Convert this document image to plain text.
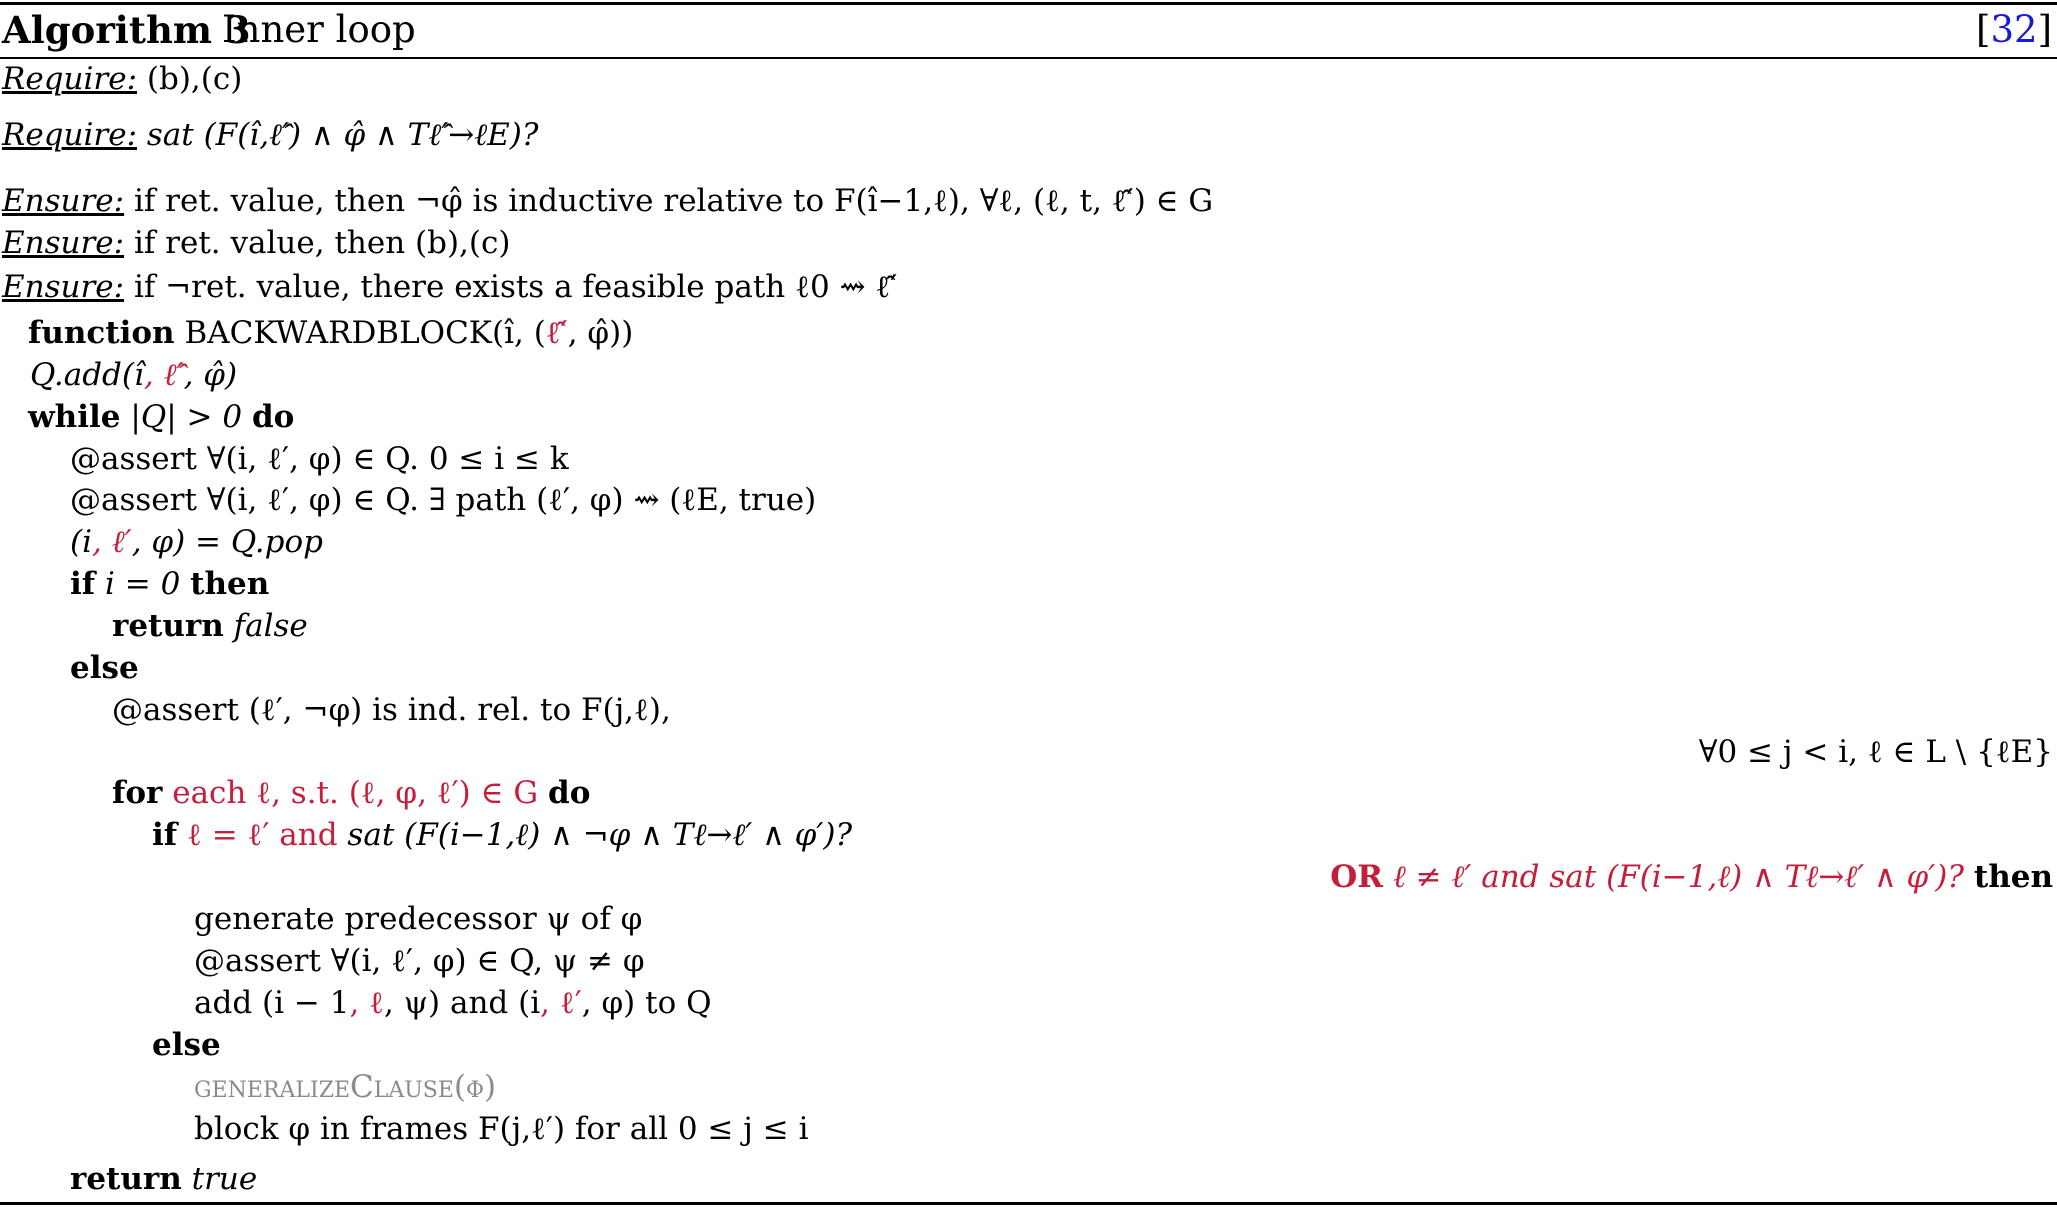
Algorithm 3
Inner loop	[32]
Require: (b),(c)
Require: sat (F(î,ℓ̂′) ∧ φ̂ ∧ Tℓ̂′→ℓE)?
Ensure: if ret. value, then ¬φ̂ is inductive relative to F(î−1,ℓ), ∀ℓ, (ℓ, t, ℓ̂′) ∈ G
Ensure: if ret. value, then (b),(c)
Ensure: if ¬ret. value, there exists a feasible path ℓ0 ⇝ ℓ̂′
function BACKWARDBLOCK(î, (ℓ̂′, φ̂))
Q.add(î, ℓ̂′, φ̂)
while |Q| > 0 do
@assert ∀(i, ℓ′, φ) ∈ Q. 0 ≤ i ≤ k
@assert ∀(i, ℓ′, φ) ∈ Q. ∃ path (ℓ′, φ) ⇝ (ℓE, true)
(i, ℓ′, φ) = Q.pop
if i = 0 then
return false
else
@assert (ℓ′, ¬φ) is ind. rel. to F(j,ℓ),
∀0 ≤ j < i, ℓ ∈ L \ {ℓE}
for each ℓ, s.t. (ℓ, φ, ℓ′) ∈ G do
if ℓ = ℓ′ and sat (F(i−1,ℓ) ∧ ¬φ ∧ Tℓ→ℓ′ ∧ φ′)?
OR ℓ ≠ ℓ′ and sat (F(i−1,ℓ) ∧ Tℓ→ℓ′ ∧ φ′)? then
generate predecessor ψ of φ
@assert ∀(i, ℓ′, φ) ∈ Q, ψ ≠ φ
add (i − 1, ℓ, ψ) and (i, ℓ′, φ) to Q
else
generalizeClause(φ)
block φ in frames F(j,ℓ′) for all 0 ≤ j ≤ i
return true
